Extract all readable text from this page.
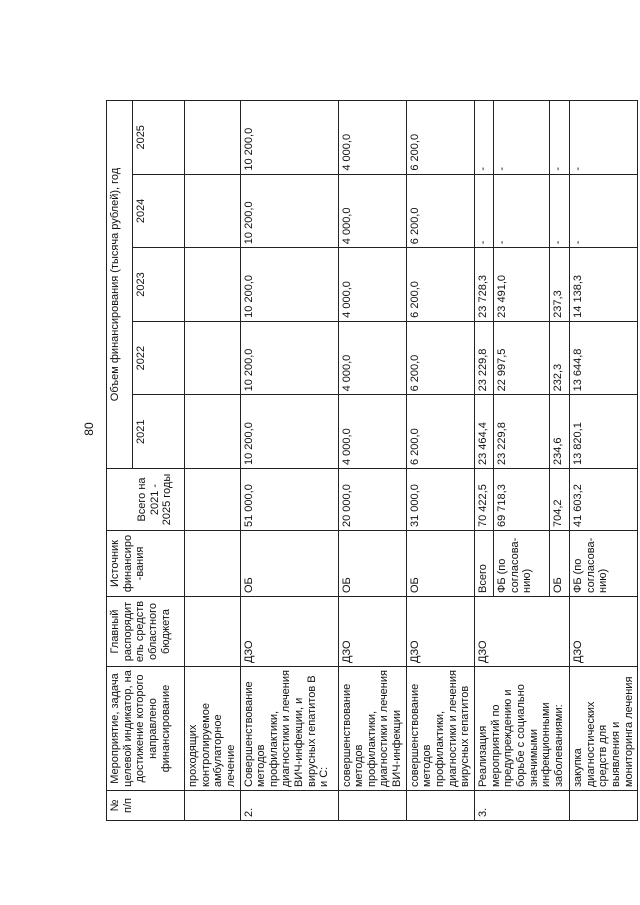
80
№ п/п	Мероприятие, задача целевой индикатор, на достижение которого направлено финансирование	Главный распорядитель средств областного бюджета	Источник финансиро-вания	Всего на 2021 - 2025 годы	Объем финансирования (тысяча рублей), год				
					2021	2022	2023	2024	2025
	проходящих контролируемое амбулаторное лечение								
2.	Совершенствование методов профилактики, диагностики и лечения ВИЧ-инфекции, и вирусных гепатитов В и С:	ДЗО	ОБ	51 000,0	10 200,0	10 200,0	10 200,0	10 200,0	10 200,0
	совершенствование методов профилактики, диагностики и лечения ВИЧ-инфекции	ДЗО	ОБ	20 000,0	4 000,0	4 000,0	4 000,0	4 000,0	4 000,0
	совершенствование методов профилактики, диагностики и лечения вирусных гепатитов	ДЗО	ОБ	31 000,0	6 200,0	6 200,0	6 200,0	6 200,0	6 200,0
3.	Реализация мероприятий по предупреждению и борьбе с социально значимыми инфекционными заболеваниями:	ДЗО	Всего	70 422,5	23 464,4	23 229,8	23 728,3	-	-
			ФБ (по согласова-нию)	69 718,3	23 229,8	22 997,5	23 491,0	-	-
			ОБ	704,2	234,6	232,3	237,3	-	-
	закупка диагностических средств для выявления и мониторинга лечения	ДЗО	ФБ (по согласова-нию)	41 603,2	13 820,1	13 644,8	14 138,3	-	-
